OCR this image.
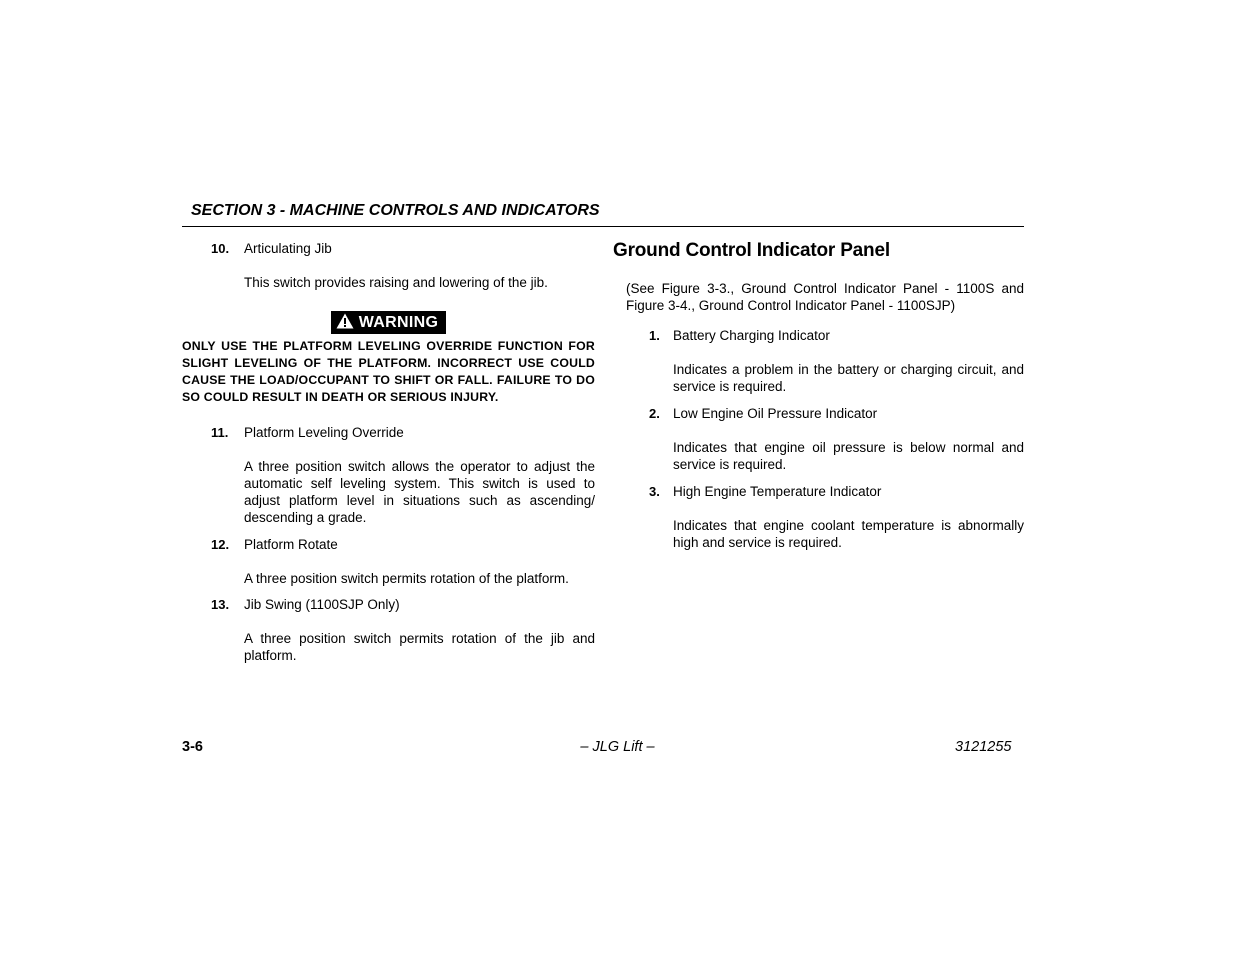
SECTION 3 - MACHINE CONTROLS AND INDICATORS
10. Articulating Jib
This switch provides raising and lowering of the jib.
WARNING
ONLY USE THE PLATFORM LEVELING OVERRIDE FUNCTION FOR SLIGHT LEVELING OF THE PLATFORM. INCORRECT USE COULD CAUSE THE LOAD/OCCUPANT TO SHIFT OR FALL. FAILURE TO DO SO COULD RESULT IN DEATH OR SERIOUS INJURY.
11. Platform Leveling Override
A three position switch allows the operator to adjust the automatic self leveling system. This switch is used to adjust platform level in situations such as ascending/ descending a grade.
12. Platform Rotate
A three position switch permits rotation of the platform.
13. Jib Swing (1100SJP Only)
A three position switch permits rotation of the jib and platform.
Ground Control Indicator Panel
(See Figure 3-3., Ground Control Indicator Panel - 1100S and Figure 3-4., Ground Control Indicator Panel - 1100SJP)
1. Battery Charging Indicator
Indicates a problem in the battery or charging circuit, and service is required.
2. Low Engine Oil Pressure Indicator
Indicates that engine oil pressure is below normal and service is required.
3. High Engine Temperature Indicator
Indicates that engine coolant temperature is abnormally high and service is required.
3-6	– JLG Lift –	3121255
